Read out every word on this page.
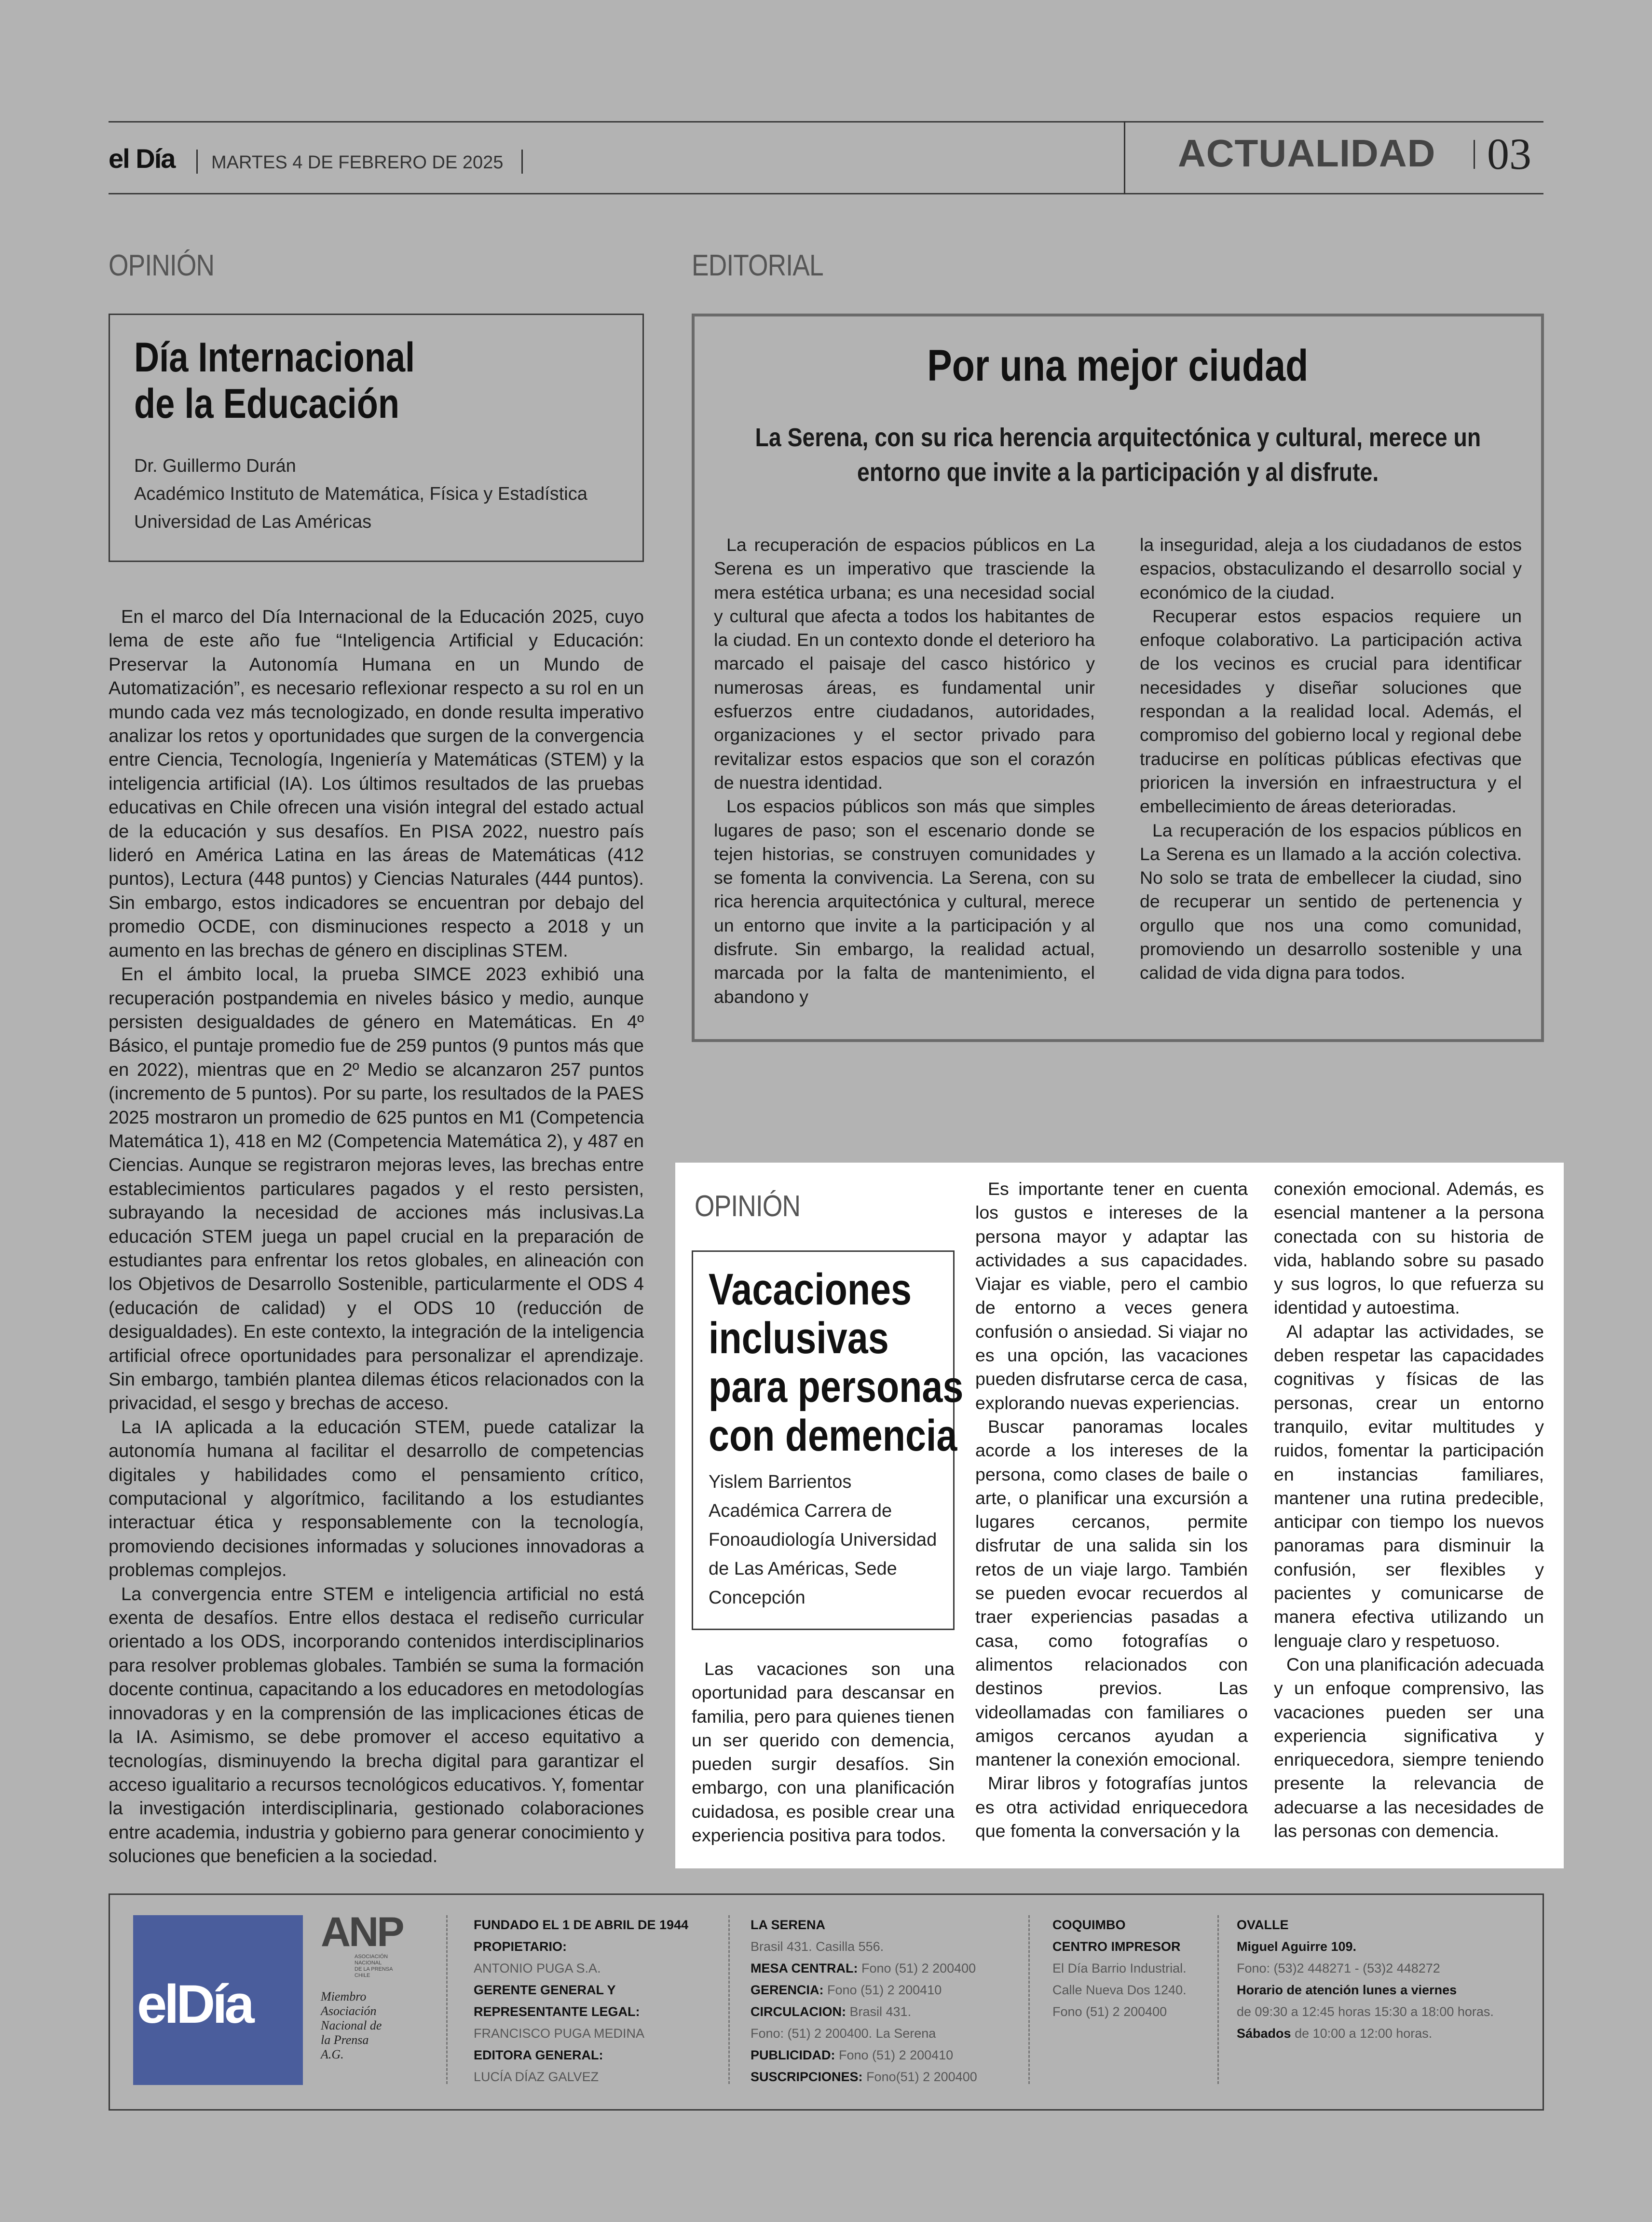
el Día MARTES 4 DE FEBRERO DE 2025	ACTUALIDAD 03
OPINIÓN
Día Internacional
de la Educación
Dr. Guillermo Durán
Académico Instituto de Matemática, Física y Estadística
Universidad de Las Américas

En el marco del Día Internacional de la Educación 2025, cuyo lema de este año fue “Inteligencia Artificial y Educación: Preservar la Autonomía Humana en un Mundo de Automatización”, es necesario reflexionar respecto a su rol en un mundo cada vez más tecnologizado, en donde resulta imperativo analizar los retos y oportunidades que surgen de la convergencia entre Ciencia, Tecnología, Ingeniería y Matemáticas (STEM) y la inteligencia artificial (IA). Los últimos resultados de las pruebas educativas en Chile ofrecen una visión integral del estado actual de la educación y sus desafíos. En PISA 2022, nuestro país lideró en América Latina en las áreas de Matemáticas (412 puntos), Lectura (448 puntos) y Ciencias Naturales (444 puntos). Sin embargo, estos indicadores se encuentran por debajo del promedio OCDE, con disminuciones respecto a 2018 y un aumento en las brechas de género en disciplinas STEM.

En el ámbito local, la prueba SIMCE 2023 exhibió una recuperación postpandemia en niveles básico y medio, aunque persisten desigualdades de género en Matemáticas. En 4º Básico, el puntaje promedio fue de 259 puntos (9 puntos más que en 2022), mientras que en 2º Medio se alcanzaron 257 puntos (incremento de 5 puntos). Por su parte, los resultados de la PAES 2025 mostraron un promedio de 625 puntos en M1 (Competencia Matemática 1), 418 en M2 (Competencia Matemática 2), y 487 en Ciencias. Aunque se registraron mejoras leves, las brechas entre establecimientos particulares pagados y el resto persisten, subrayando la necesidad de acciones más inclusivas.La educación STEM juega un papel crucial en la preparación de estudiantes para enfrentar los retos globales, en alineación con los Objetivos de Desarrollo Sostenible, particularmente el ODS 4 (educación de calidad) y el ODS 10 (reducción de desigualdades). En este contexto, la integración de la inteligencia artificial ofrece oportunidades para personalizar el aprendizaje. Sin embargo, también plantea dilemas éticos relacionados con la privacidad, el sesgo y brechas de acceso.

La IA aplicada a la educación STEM, puede catalizar la autonomía humana al facilitar el desarrollo de competencias digitales y habilidades como el pensamiento crítico, computacional y algorítmico, facilitando a los estudiantes interactuar ética y responsablemente con la tecnología, promoviendo decisiones informadas y soluciones innovadoras a problemas complejos.

La convergencia entre STEM e inteligencia artificial no está exenta de desafíos. Entre ellos destaca el rediseño curricular orientado a los ODS, incorporando contenidos interdisciplinarios para resolver problemas globales. También se suma la formación docente continua, capacitando a los educadores en metodologías innovadoras y en la comprensión de las implicaciones éticas de la IA. Asimismo, se debe promover el acceso equitativo a tecnologías, disminuyendo la brecha digital para garantizar el acceso igualitario a recursos tecnológicos educativos. Y, fomentar la investigación interdisciplinaria, gestionado colaboraciones entre academia, industria y gobierno para generar conocimiento y soluciones que beneficien a la sociedad.

EDITORIAL
Por una mejor ciudad
La Serena, con su rica herencia arquitectónica y cultural, merece un
entorno que invite a la participación y al disfrute.

La recuperación de espacios públicos en La Serena es un imperativo que trasciende la mera estética urbana; es una necesidad social y cultural que afecta a todos los habitantes de la ciudad. En un contexto donde el deterioro ha marcado el paisaje del casco histórico y numerosas áreas, es fundamental unir esfuerzos entre ciudadanos, autoridades, organizaciones y el sector privado para revitalizar estos espacios que son el corazón de nuestra identidad.

Los espacios públicos son más que simples lugares de paso; son el escenario donde se tejen historias, se construyen comunidades y se fomenta la convivencia. La Serena, con su rica herencia arquitectónica y cultural, merece un entorno que invite a la participación y al disfrute. Sin embargo, la realidad actual, marcada por la falta de mantenimiento, el abandono y

la inseguridad, aleja a los ciudadanos de estos espacios, obstaculizando el desarrollo social y económico de la ciudad.

Recuperar estos espacios requiere un enfoque colaborativo. La participación activa de los vecinos es crucial para identificar necesidades y diseñar soluciones que respondan a la realidad local. Además, el compromiso del gobierno local y regional debe traducirse en políticas públicas efectivas que prioricen la inversión en infraestructura y el embellecimiento de áreas deterioradas.

La recuperación de los espacios públicos en La Serena es un llamado a la acción colectiva. No solo se trata de embellecer la ciudad, sino de recuperar un sentido de pertenencia y orgullo que nos una como comunidad, promoviendo un desarrollo sostenible y una calidad de vida digna para todos.

OPINIÓN
Vacaciones
inclusivas
para personas
con demencia
Yislem Barrientos
Académica Carrera de
Fonoaudiología Universidad
de Las Américas, Sede
Concepción

Las vacaciones son una oportunidad para descansar en familia, pero para quienes tienen un ser querido con demencia, pueden surgir desafíos. Sin embargo, con una planificación cuidadosa, es posible crear una experiencia positiva para todos.

Es importante tener en cuenta los gustos e intereses de la persona mayor y adaptar las actividades a sus capacidades. Viajar es viable, pero el cambio de entorno a veces genera confusión o ansiedad. Si viajar no es una opción, las vacaciones pueden disfrutarse cerca de casa, explorando nuevas experiencias.

Buscar panoramas locales acorde a los intereses de la persona, como clases de baile o arte, o planificar una excursión a lugares cercanos, permite disfrutar de una salida sin los retos de un viaje largo. También se pueden evocar recuerdos al traer experiencias pasadas a casa, como fotografías o alimentos relacionados con destinos previos. Las videollamadas con familiares o amigos cercanos ayudan a mantener la conexión emocional.

Mirar libros y fotografías juntos es otra actividad enriquecedora que fomenta la conversación y la

conexión emocional. Además, es esencial mantener a la persona conectada con su historia de vida, hablando sobre su pasado y sus logros, lo que refuerza su identidad y autoestima.

Al adaptar las actividades, se deben respetar las capacidades cognitivas y físicas de las personas, crear un entorno tranquilo, evitar multitudes y ruidos, fomentar la participación en instancias familiares, mantener una rutina predecible, anticipar con tiempo los nuevos panoramas para disminuir la confusión, ser flexibles y pacientes y comunicarse de manera efectiva utilizando un lenguaje claro y respetuoso.

Con una planificación adecuada y un enfoque comprensivo, las vacaciones pueden ser una experiencia significativa y enriquecedora, siempre teniendo presente la relevancia de adecuarse a las necesidades de las personas con demencia.

elDía
ANP
ASOCIACIÓN
NACIONAL
DE LA PRENSA
CHILE
Miembro
Asociación
Nacional de
la Prensa
A.G.
FUNDADO EL 1 DE ABRIL DE 1944
PROPIETARIO:
ANTONIO PUGA S.A.
GERENTE GENERAL Y
REPRESENTANTE LEGAL:
FRANCISCO PUGA MEDINA
EDITORA GENERAL:
LUCÍA DÍAZ GALVEZ
LA SERENA
Brasil 431. Casilla 556.
MESA CENTRAL: Fono (51) 2 200400
GERENCIA: Fono (51) 2 200410
CIRCULACION: Brasil 431.
Fono: (51) 2 200400. La Serena
PUBLICIDAD: Fono (51) 2 200410
SUSCRIPCIONES: Fono(51) 2 200400
COQUIMBO
CENTRO IMPRESOR
El Día Barrio Industrial.
Calle Nueva Dos 1240.
Fono (51) 2 200400
OVALLE
Miguel Aguirre 109.
Fono: (53)2 448271 - (53)2 448272
Horario de atención lunes a viernes
de 09:30 a 12:45 horas 15:30 a 18:00 horas.
Sábados de 10:00 a 12:00 horas.
